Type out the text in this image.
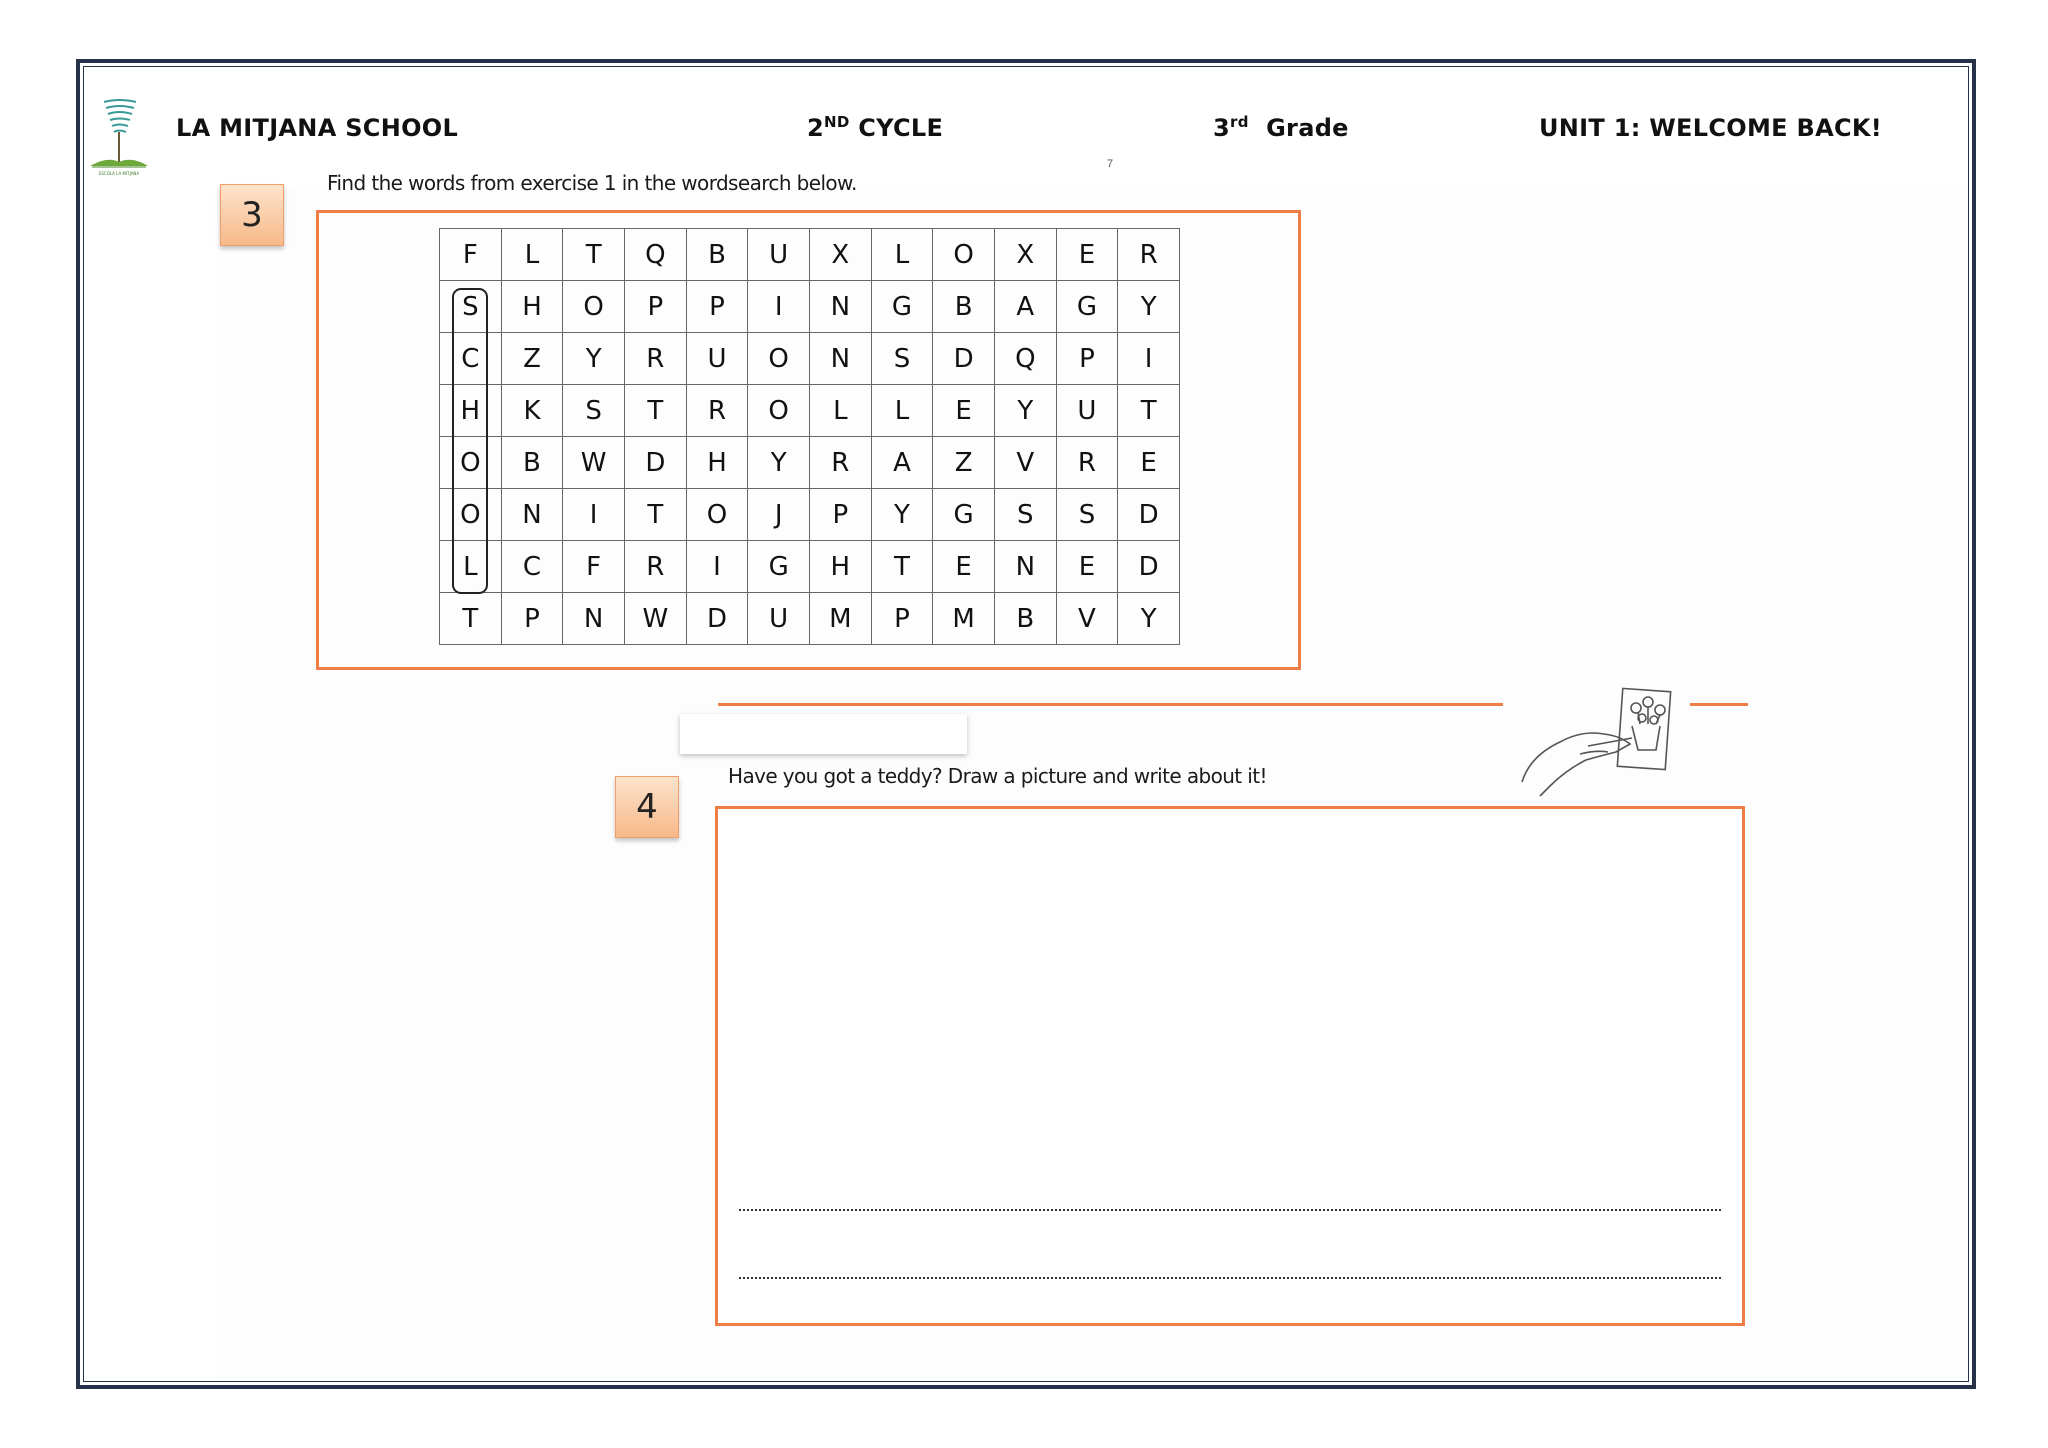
ESCOLA LA MITJANA
LA MITJANA SCHOOL	2ND CYCLE	3rd Grade	UNIT 1: WELCOME BACK!
7
Find the words from exercise 1 in the wordsearch below.
3
F	L	T	Q	B	U	X	L	O	X	E	R
S	H	O	P	P	I	N	G	B	A	G	Y
C	Z	Y	R	U	O	N	S	D	Q	P	I
H	K	S	T	R	O	L	L	E	Y	U	T
O	B	W	D	H	Y	R	A	Z	V	R	E
O	N	I	T	O	J	P	Y	G	S	S	D
L	C	F	R	I	G	H	T	E	N	E	D
T	P	N	W	D	U	M	P	M	B	V	Y
4
Have you got a teddy? Draw a picture and write about it!
